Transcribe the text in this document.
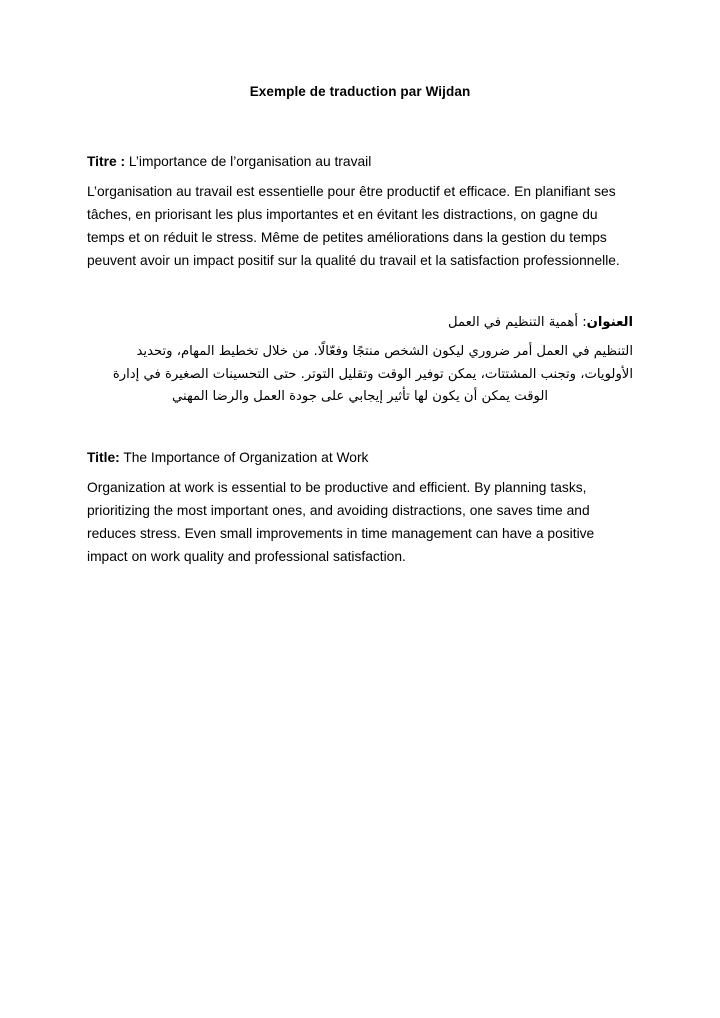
Exemple de traduction par Wijdan

Titre : L’importance de l’organisation au travail

L’organisation au travail est essentielle pour être productif et efficace. En planifiant ses tâches, en priorisant les plus importantes et en évitant les distractions, on gagne du temps et on réduit le stress. Même de petites améliorations dans la gestion du temps peuvent avoir un impact positif sur la qualité du travail et la satisfaction professionnelle.

العنوان: أهمية التنظيم في العمل

التنظيم في العمل أمر ضروري ليكون الشخص منتجًا وفعّالًا. من خلال تخطيط المهام، وتحديد
الأولويات، وتجنب المشتتات، يمكن توفير الوقت وتقليل التوتر. حتى التحسينات الصغيرة في إدارة
الوقت يمكن أن يكون لها تأثير إيجابي على جودة العمل والرضا المهني

Title: The Importance of Organization at Work

Organization at work is essential to be productive and efficient. By planning tasks, prioritizing the most important ones, and avoiding distractions, one saves time and reduces stress. Even small improvements in time management can have a positive impact on work quality and professional satisfaction.
